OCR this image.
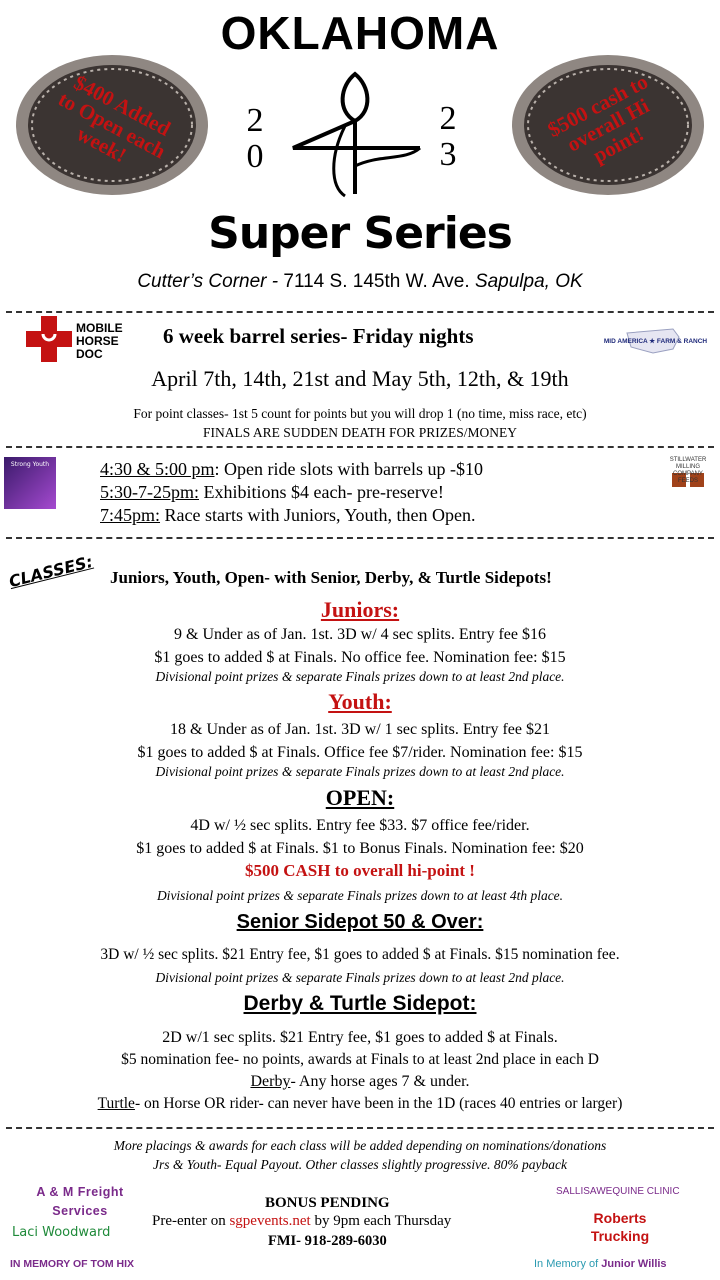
OKLAHOMA
$400 Added to Open each week!
$500 cash to overall Hi point!
2
0
2
3
Super Series
Cutter’s Corner - 7114 S. 145th W. Ave. Sapulpa, OK
MOBILE HORSE DOC
6 week barrel series- Friday nights	MID AMERICA ★ FARM & RANCH
April 7th, 14th, 21st and May 5th, 12th, & 19th
For point classes- 1st 5 count for points but you will drop 1 (no time, miss race, etc)
FINALS ARE SUDDEN DEATH FOR PRIZES/MONEY
Strong Youth	4:30 & 5:00 pm: Open ride slots with barrels up -$10
5:30-7-25pm: Exhibitions $4 each- pre-reserve!
7:45pm: Race starts with Juniors, Youth, then Open.
STILLWATER MILLING COMPANY FEEDS
CLASSES: Juniors, Youth, Open- with Senior, Derby, & Turtle Sidepots!
Juniors:
9 & Under as of Jan. 1st. 3D w/ 4 sec splits. Entry fee $16
$1 goes to added $ at Finals. No office fee. Nomination fee: $15
Divisional point prizes & separate Finals prizes down to at least 2nd place.
Youth:
18 & Under as of Jan. 1st. 3D w/ 1 sec splits. Entry fee $21
$1 goes to added $ at Finals. Office fee $7/rider. Nomination fee: $15
Divisional point prizes & separate Finals prizes down to at least 2nd place.
OPEN:
4D w/ ½ sec splits. Entry fee $33. $7 office fee/rider.
$1 goes to added $ at Finals. $1 to Bonus Finals. Nomination fee: $20
$500 CASH to overall hi-point !
Divisional point prizes & separate Finals prizes down to at least 4th place.
Senior Sidepot 50 & Over:
3D w/ ½ sec splits. $21 Entry fee, $1 goes to added $ at Finals. $15 nomination fee.
Divisional point prizes & separate Finals prizes down to at least 2nd place.
Derby & Turtle Sidepot:
2D w/1 sec splits. $21 Entry fee, $1 goes to added $ at Finals.
$5 nomination fee- no points, awards at Finals to at least 2nd place in each D
Derby- Any horse ages 7 & under.
Turtle- on Horse OR rider- can never have been in the 1D (races 40 entries or larger)
More placings & awards for each class will be added depending on nominations/donations
Jrs & Youth- Equal Payout. Other classes slightly progressive. 80% payback
A & M Freight Services
Laci Woodward
IN MEMORY OF TOM HIX
BONUS PENDING
Pre-enter on sgpevents.net by 9pm each Thursday
FMI- 918-289-6030
SALLISAWEQUINE CLINIC
Roberts Trucking
In Memory of Junior Willis
